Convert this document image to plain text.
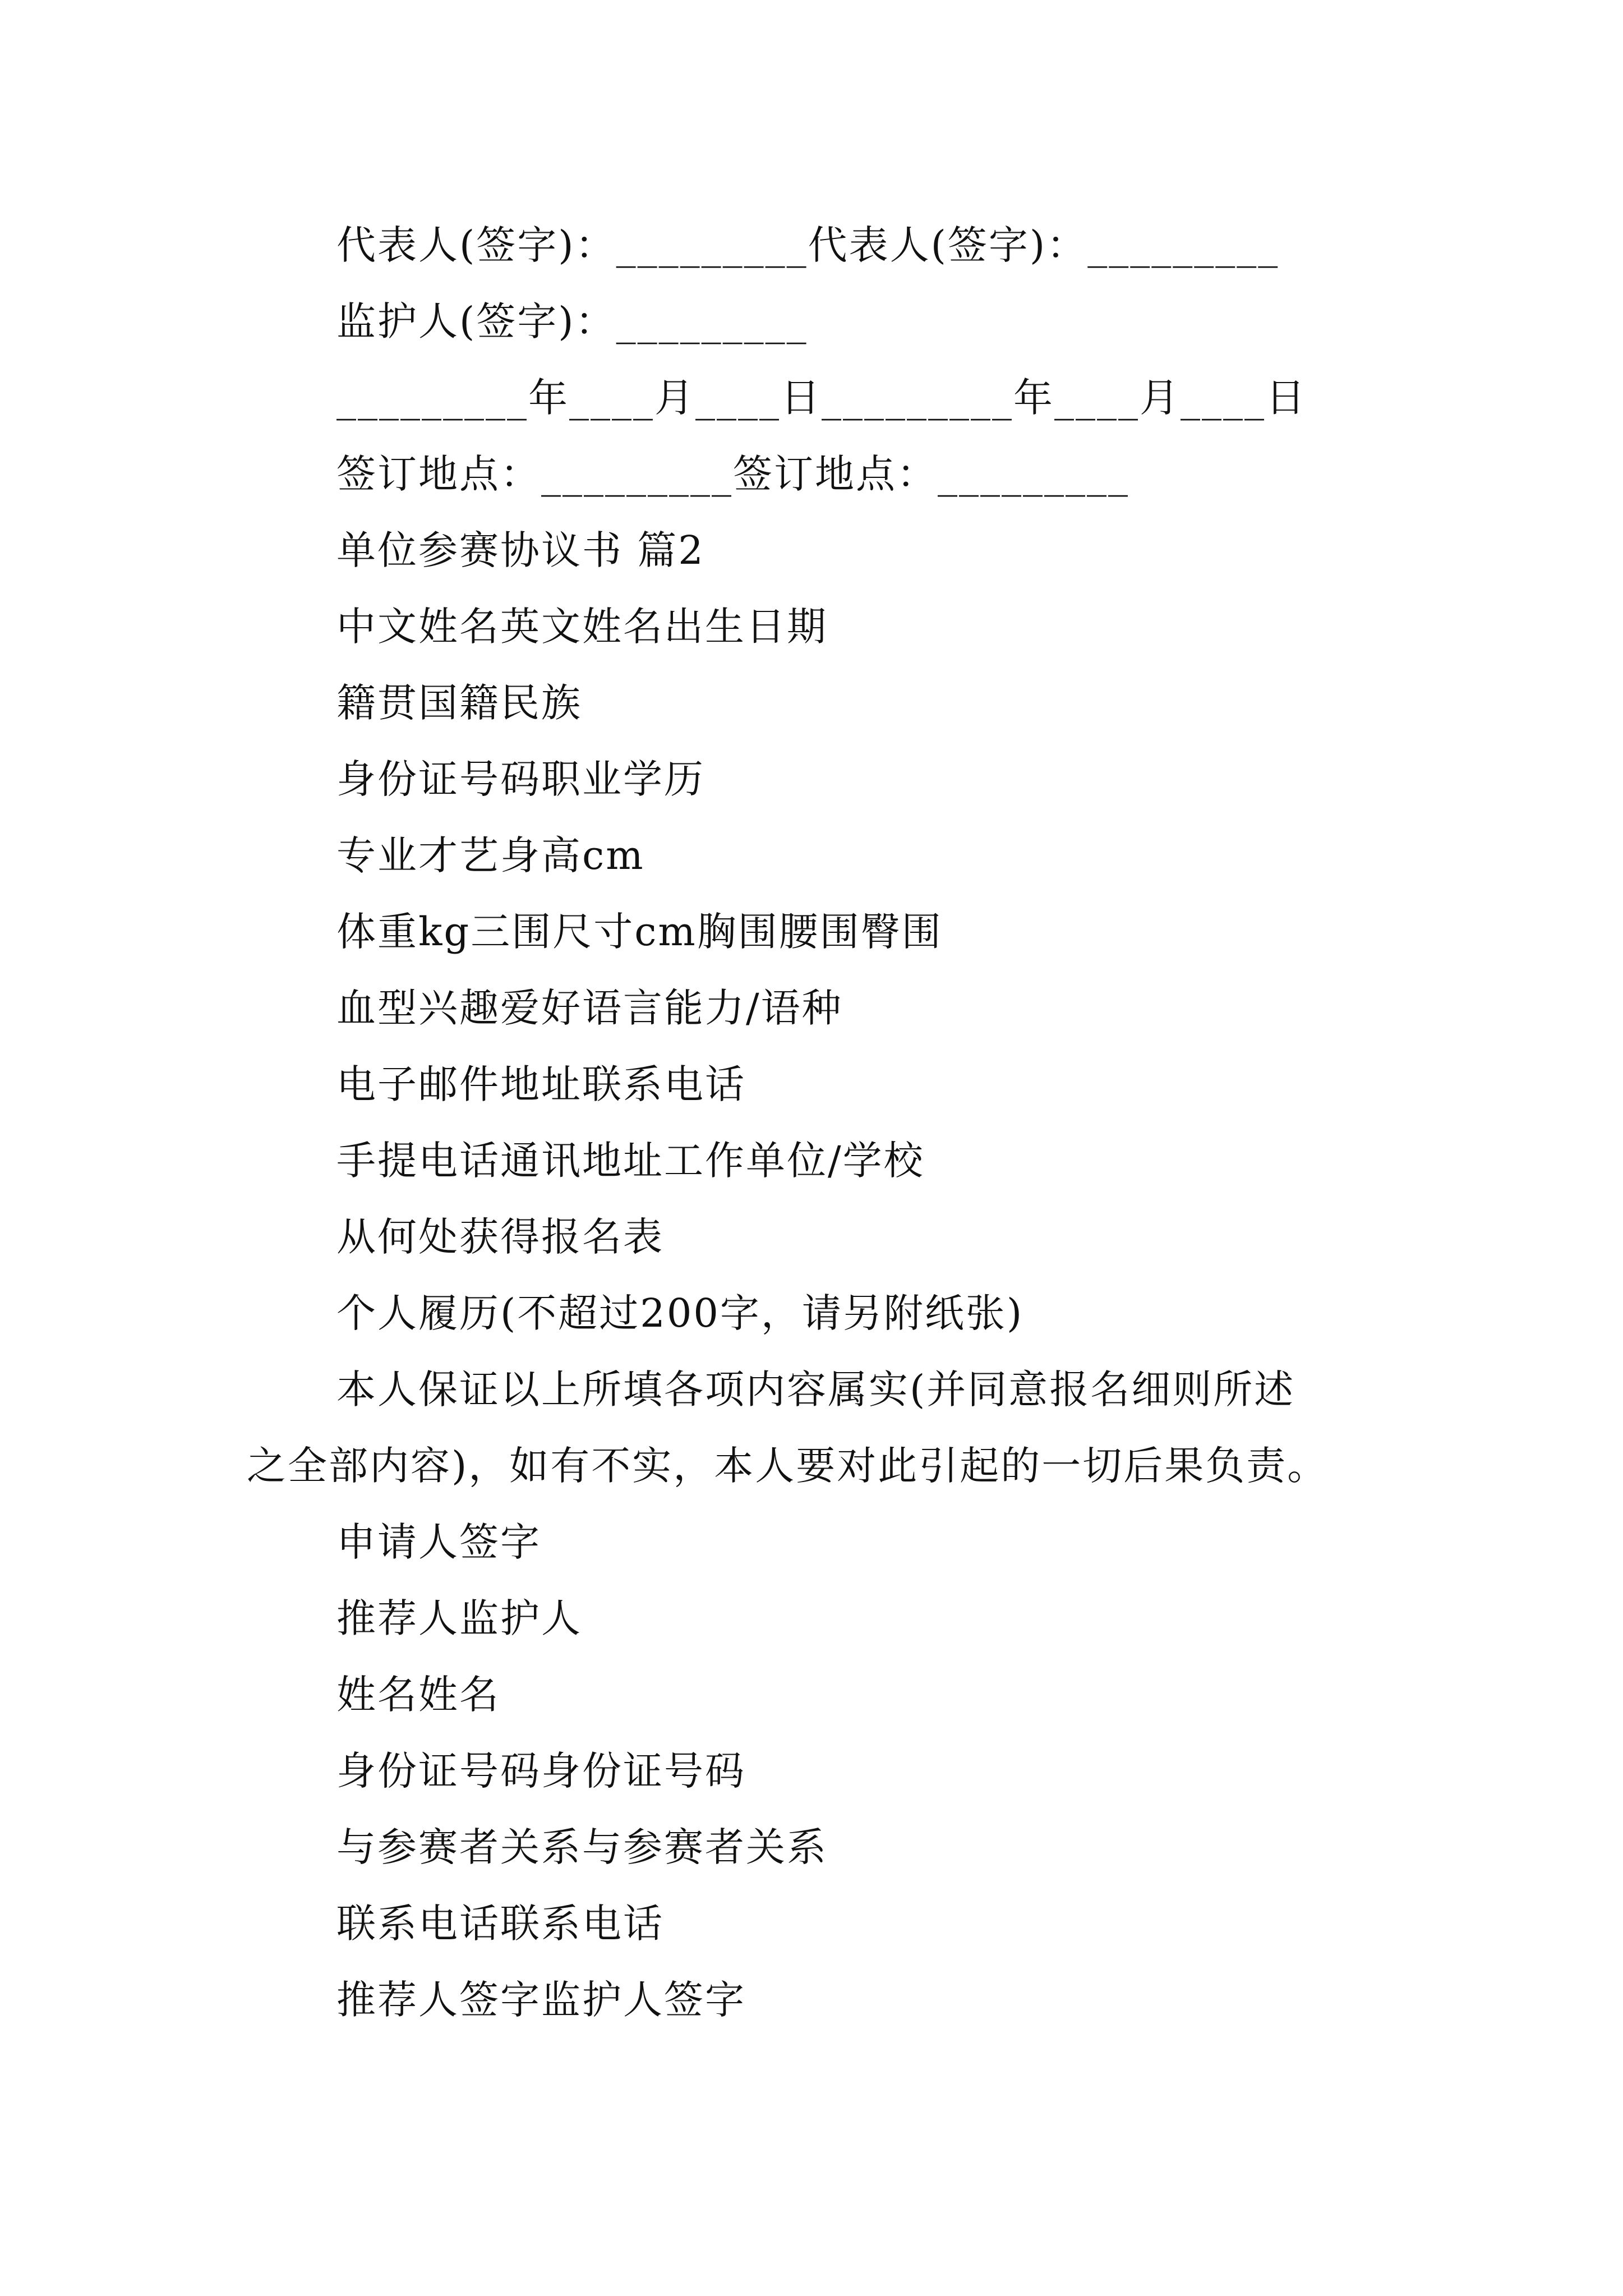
代表人(签字)：_________代表人(签字)：_________
监护人(签字)：_________
_________年____月____日_________年____月____日
签订地点：_________签订地点：_________
单位参赛协议书 篇2
中文姓名英文姓名出生日期
籍贯国籍民族
身份证号码职业学历
专业才艺身高cm
体重kg三围尺寸cm胸围腰围臀围
血型兴趣爱好语言能力/语种
电子邮件地址联系电话
手提电话通讯地址工作单位/学校
从何处获得报名表
个人履历(不超过200字，请另附纸张)
本人保证以上所填各项内容属实(并同意报名细则所述
之全部内容)，如有不实，本人要对此引起的一切后果负责。
申请人签字
推荐人监护人
姓名姓名
身份证号码身份证号码
与参赛者关系与参赛者关系
联系电话联系电话
推荐人签字监护人签字
